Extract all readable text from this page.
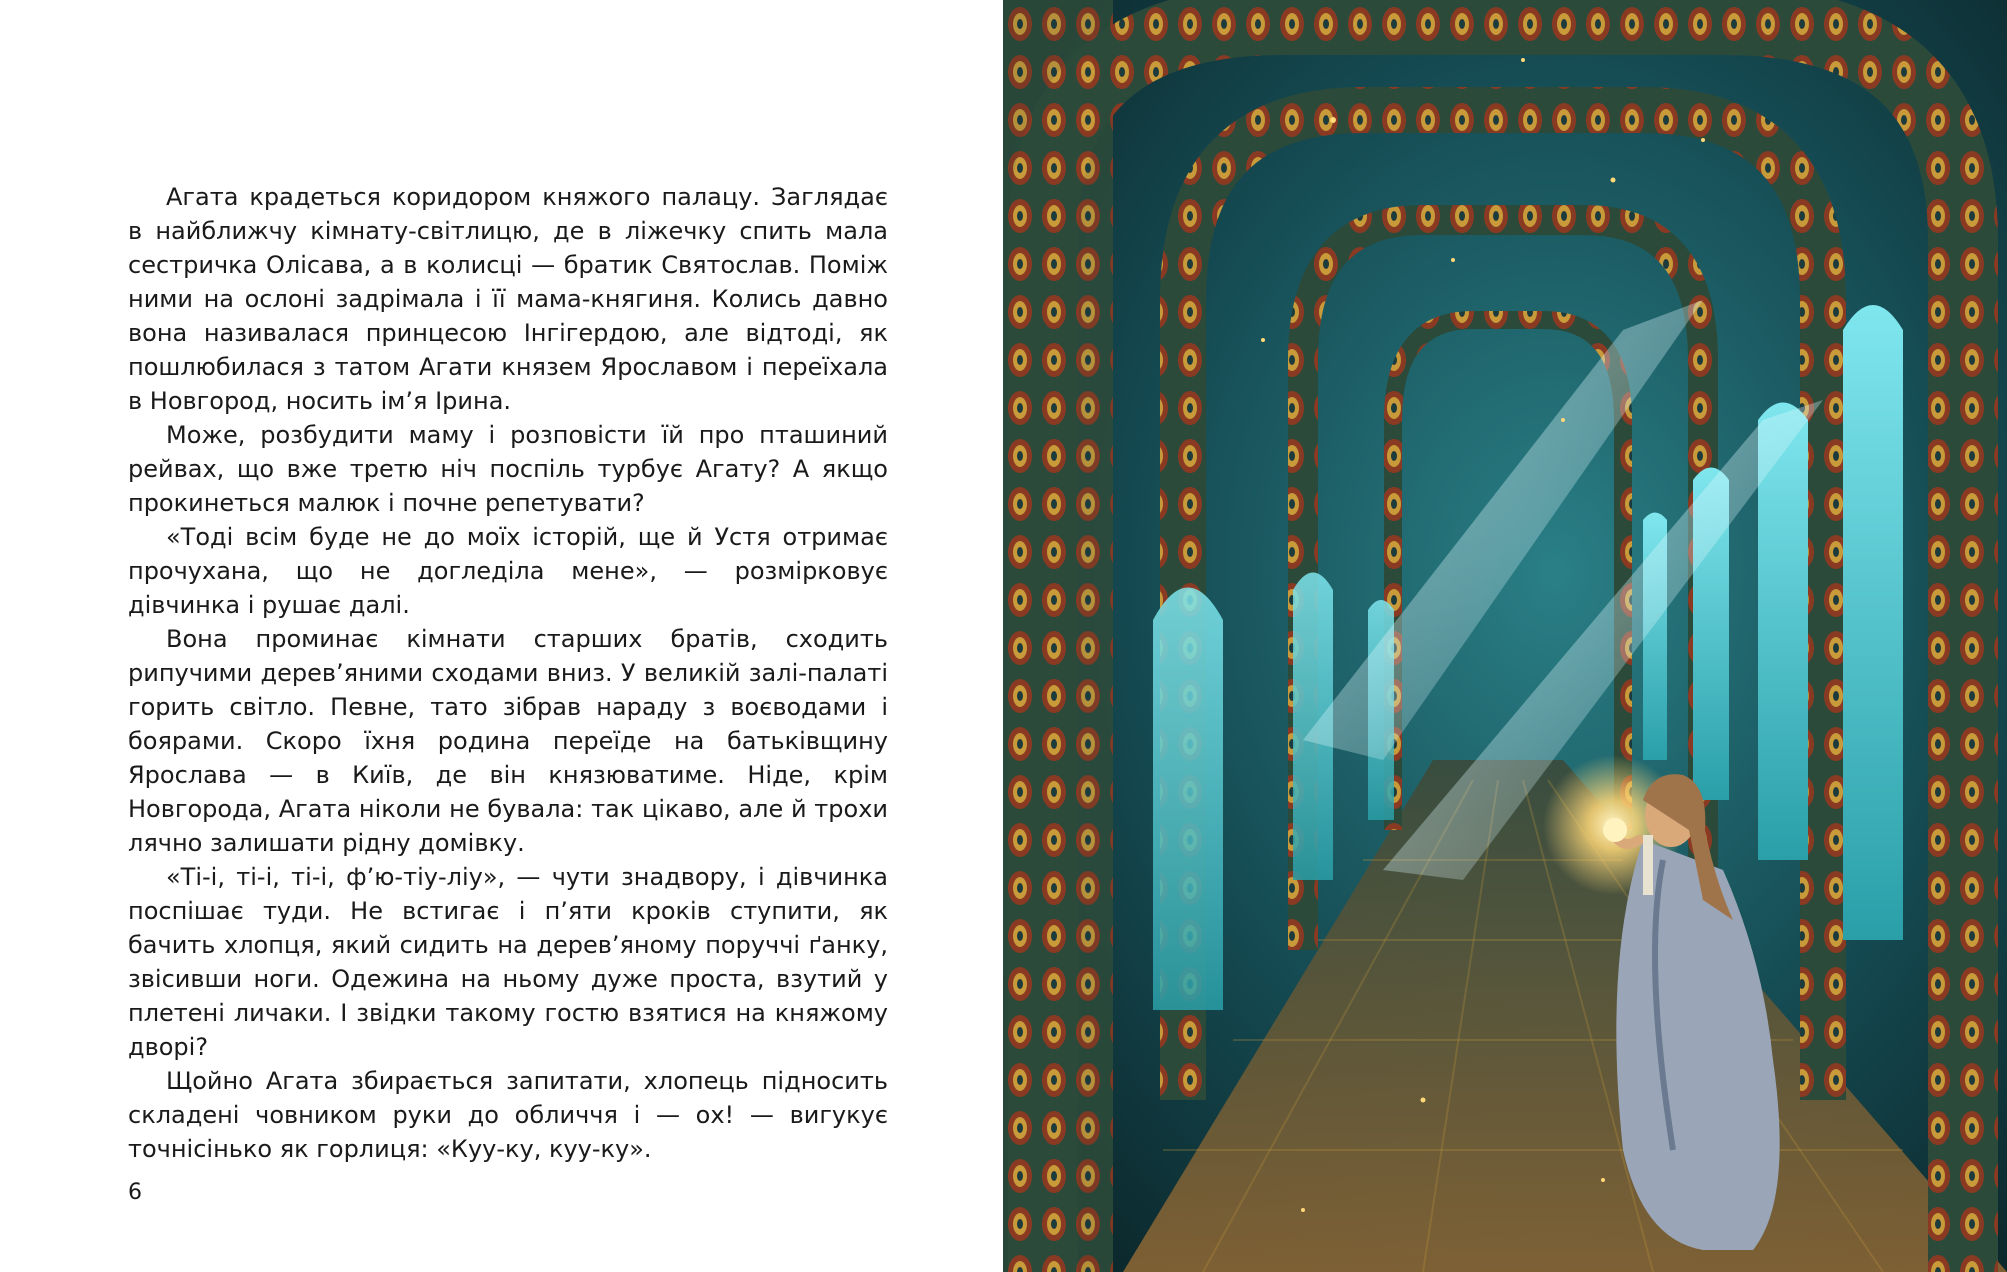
Агата крадеться коридором княжого палацу. Заглядає в найближчу кімнату-світлицю, де в ліжечку спить мала сестричка Олісава, а в колисці — братик Святослав. Поміж ними на ослоні задрімала і її мама-княгиня. Колись давно вона називалася принцесою Інгігердою, але відтоді, як пошлюбилася з татом Агати князем Ярославом і переїхала в Новгород, носить ім’я Ірина.

Може, розбудити маму і розповісти їй про пташиний рейвах, що вже третю ніч поспіль турбує Агату? А якщо прокинеться малюк і почне репетувати?

«Тоді всім буде не до моїх історій, ще й Устя отримає прочухана, що не догледіла мене», — розмірковує дівчинка і рушає далі.

Вона проминає кімнати старших братів, сходить рипучими дерев’яними сходами вниз. У великій залі-палаті горить світло. Певне, тато зібрав нараду з воєводами і боярами. Скоро їхня родина переїде на батьківщину Ярослава — в Київ, де він князюватиме. Ніде, крім Новгорода, Агата ніколи не бувала: так цікаво, але й трохи лячно залишати рідну домівку.

«Ті-і, ті-і, ті-і, фʼю-тіу-ліу», — чути знадвору, і дівчинка поспішає туди. Не встигає і пʼяти кроків ступити, як бачить хлопця, який сидить на дерев’яному поруччі ґанку, звісивши ноги. Одежина на ньому дуже проста, взутий у плетені личаки. І звідки такому гостю взятися на княжому дворі?

Щойно Агата збирається запитати, хлопець підносить складені човником руки до обличчя і — ох! — вигукує точнісінько як горлиця: «Куу-ку, куу-ку».

6
